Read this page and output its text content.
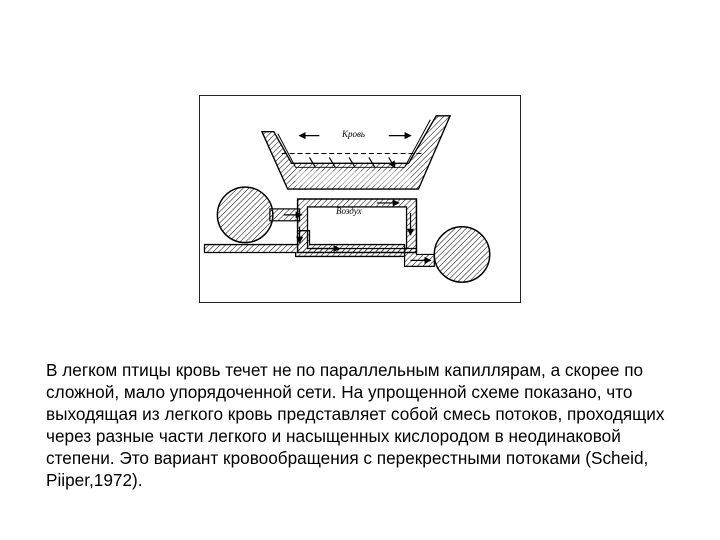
Кровь
Воздух
В легком птицы кровь течет не по параллельным капиллярам, а скорее по сложной, мало упорядоченной сети. На упрощенной схеме показано, что выходящая из легкого кровь представляет собой смесь потоков, проходящих через разные части легкого и насыщенных кислородом в неодинаковой степени. Это вариант кровообращения с перекрестными потоками (Scheid, Piiper,1972).
